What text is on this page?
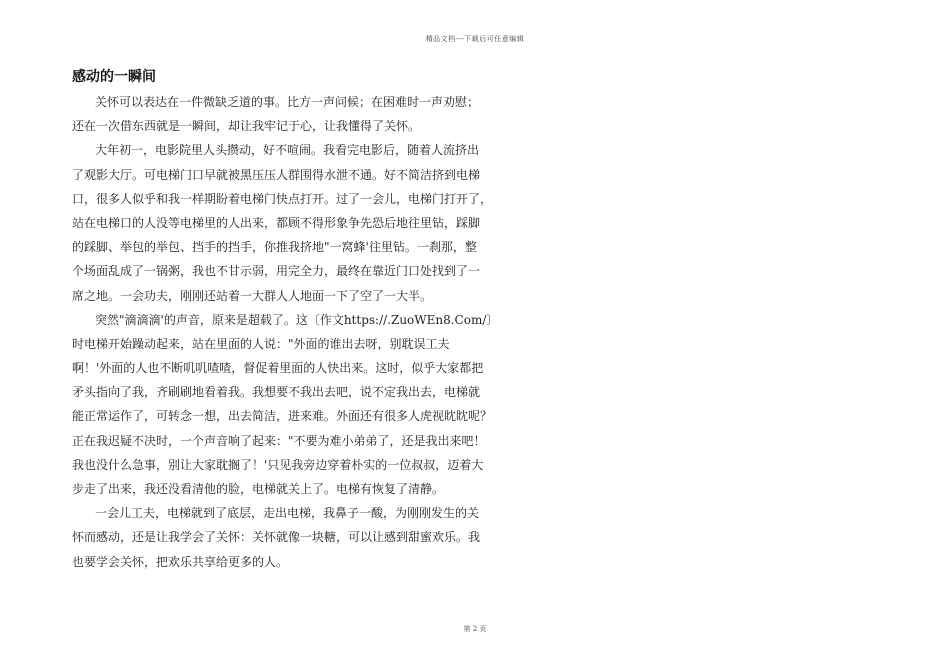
精品文档---下载后可任意编辑
感动的一瞬间
关怀可以表达在一件微缺乏道的事。比方一声问候；在困难时一声劝慰；
还在一次借东西就是一瞬间，却让我牢记于心，让我懂得了关怀。
大年初一，电影院里人头攒动，好不喧闹。我看完电影后，随着人流挤出
了观影大厅。可电梯门口早就被黑压压人群围得水泄不通。好不简洁挤到电梯
口，很多人似乎和我一样期盼着电梯门快点打开。过了一会儿，电梯门打开了，
站在电梯口的人没等电梯里的人出来，都顾不得形象争先恐后地往里钻，踩脚
的踩脚、举包的举包、挡手的挡手，你推我挤地"一窝蜂'往里钻。一刹那，整
个场面乱成了一锅粥，我也不甘示弱，用完全力，最终在靠近门口处找到了一
席之地。一会功夫，刚刚还站着一大群人人地面一下了空了一大半。
突然"滴滴滴'的声音，原来是超载了。这〔作文https://.ZuoWEn8.Com/〕
时电梯开始躁动起来，站在里面的人说："外面的谁出去呀，别耽误工夫
啊！'外面的人也不断叽叽喳喳，督促着里面的人快出来。这时，似乎大家都把
矛头指向了我，齐刷刷地看着我。我想要不我出去吧，说不定我出去，电梯就
能正常运作了，可转念一想，出去简洁，进来难。外面还有很多人虎视眈眈呢？
正在我迟疑不决时，一个声音响了起来："不要为难小弟弟了，还是我出来吧！
我也没什么急事，别让大家耽搁了！'只见我旁边穿着朴实的一位叔叔，迈着大
步走了出来，我还没看清他的脸，电梯就关上了。电梯有恢复了清静。
一会儿工夫，电梯就到了底层，走出电梯，我鼻子一酸，为刚刚发生的关
怀而感动，还是让我学会了关怀：关怀就像一块糖，可以让感到甜蜜欢乐。我
也要学会关怀，把欢乐共享给更多的人。
第 2 页
